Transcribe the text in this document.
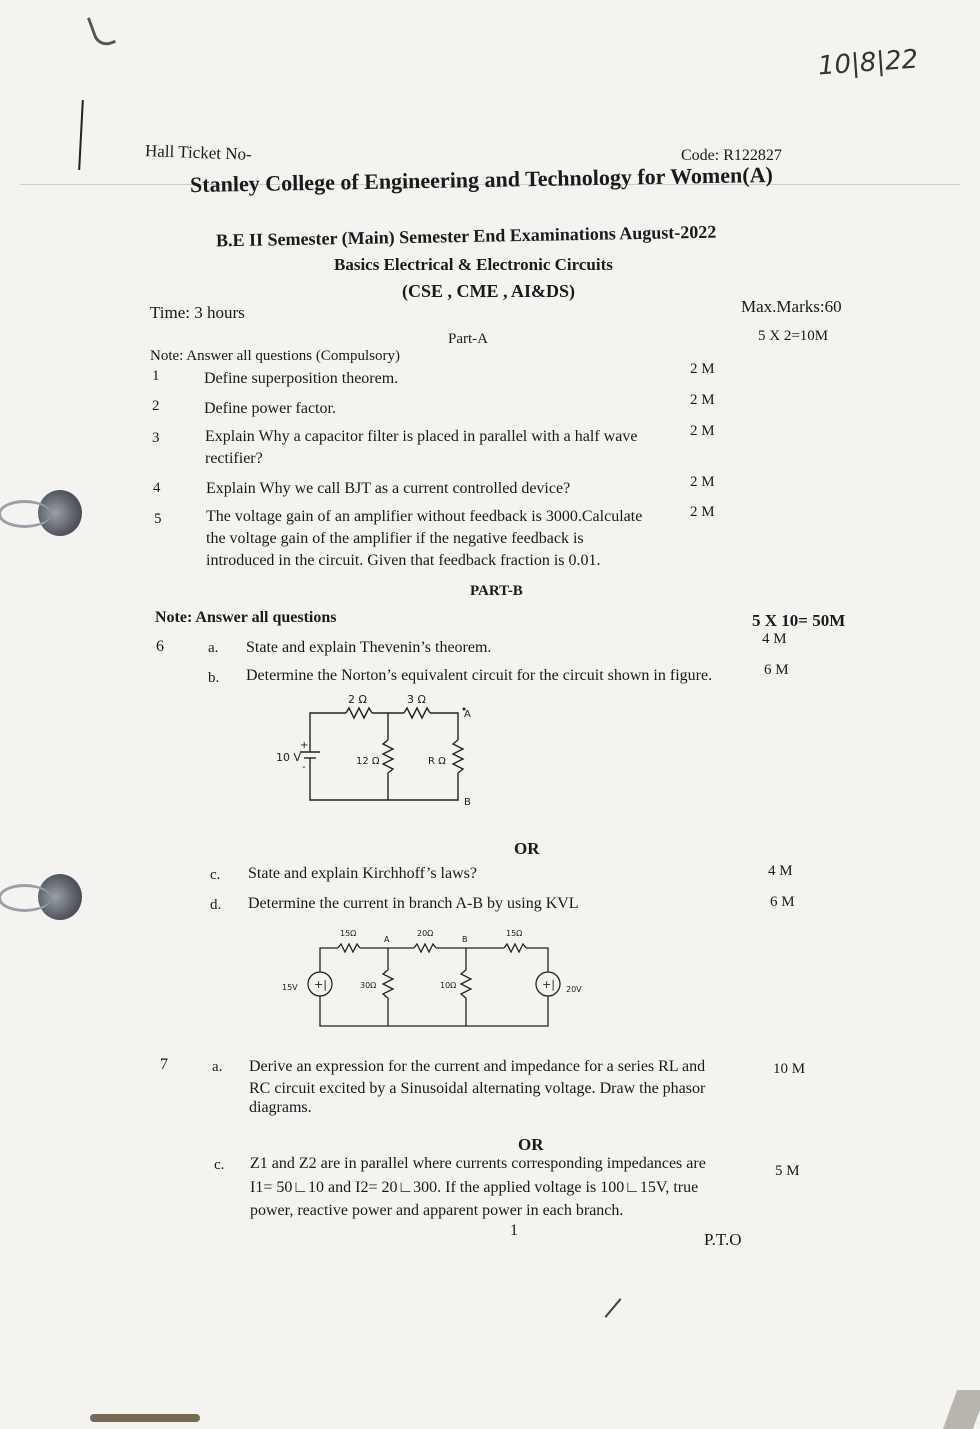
10|8|22
Hall Ticket No-	Code: R122827
Stanley College of Engineering and Technology for Women(A)
B.E II Semester (Main) Semester End Examinations August-2022
Basics Electrical & Electronic Circuits
(CSE , CME , AI&DS)
Time: 3 hours	Max.Marks:60
Part-A	5 X 2=10M
Note: Answer all questions (Compulsory)
1	Define superposition theorem.
2 M
2	Define power factor.	2 M
3	Explain Why a capacitor filter is placed in parallel with a half wave
rectifier?
2 M
4	Explain Why we call BJT as a current controlled device?	2 M
5	The voltage gain of an amplifier without feedback is 3000.Calculate
the voltage gain of the amplifier if the negative feedback is
introduced in the circuit. Given that feedback fraction is 0.01.
2 M
PART-B
Note: Answer all questions	5 X 10= 50M
6	a. State and explain Thevenin’s theorem.	4 M
b. Determine the Norton’s equivalent circuit for the circuit shown in figure.	6 M
2 Ω	3 Ω
A
B
10 V
+
-
12 Ω	R Ω
OR
c. State and explain Kirchhoff’s laws?	4 M
d. Determine the current in branch A-B by using KVL	6 M
+|	+|
15Ω
A
20Ω
B
15Ω
15V	20V
30Ω	10Ω
7	a. Derive an expression for the current and impedance for a series RL and
RC circuit excited by a Sinusoidal alternating voltage. Draw the phasor
diagrams.
10 M
OR
c. Z1 and Z2 are in parallel where currents corresponding impedances are
I1= 50∟10 and I2= 20∟300. If the applied voltage is 100∟15V, true
power, reactive power and apparent power in each branch.
5 M
1	P.T.O
